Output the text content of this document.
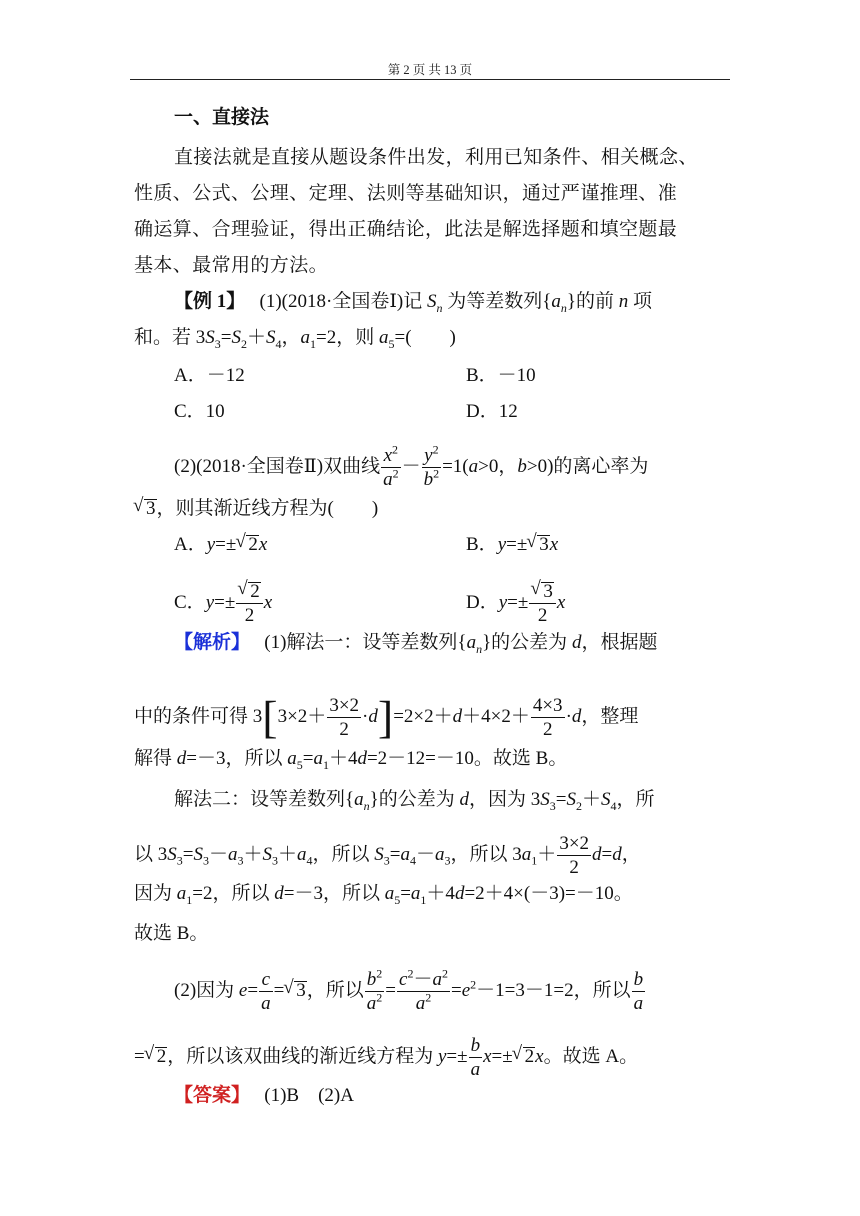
第 2 页 共 13 页
一、直接法
直接法就是直接从题设条件出发，利用已知条件、相关概念、
性质、公式、公理、定理、法则等基础知识，通过严谨推理、准
确运算、合理验证，得出正确结论，此法是解选择题和填空题最
基本、最常用的方法。
【例 1】　 (1)(2018·全国卷Ⅰ)记 $S_n$ 为等差数列$\{a_n\}$的前 n 项
和。若 $3S_3=S_2+S_4$，$a_1=2$，则 $a_5=$(　　)
A．－12	B．－10
C．10	D．12
(2)(2018·全国卷Ⅱ)双曲线 $\frac{x^2}{a^2} - \frac{y^2}{b^2} =1(a>0$，b>0)的离心率为
√ 3，则其渐近线方程为(　　)
A．y=±√ 2x	B．y=±√ 3x
C．y=±
√ $\frac{2}{2}$ x	D．y=±
√ $\frac{3}{2}$ x
【解析】　 (1)解法一：设等差数列$\{a_n\}$的公差为 d，根据题
中的条件可得 $3[3\times 2+ \frac{3\times 2}{2} \cdot d]=2\times 2+d+4\times 2+ \frac{4\times 3}{2} \cdot d$，整理
解得 d=－3，所以 $a_5=a_1+4d=2-12=-10$。故选 B。
解法二：设等差数列$\{a_n\}$的公差为 d，因为 $3S_3=S_2+S_4$，所
以 $3S_3=S_3-a_3+S_3+a_4$，所以 $S_3=a_4-a_3$，所以 $3a_1+ \frac{3\times 2}{2} d=d$，
因为 $a_1=2$，所以 d=－3，所以 $a_5=a_1+4d=2+4\times(-3)=-10$。
故选 B。
(2)因为 $e= \frac{c}{a}$ =√ 3，所以 $\frac{b^2}{a^2} = \frac{c^2-a^2}{a^2} =e^2-1=3-1=2$，所以 $\frac{b}{a}$
=√ 2，所以该双曲线的渐近线方程为 $y=\pm \frac{b}{a} x=\pm√$ 2x。故选 A。
【答案】　 (1)B　(2)A
